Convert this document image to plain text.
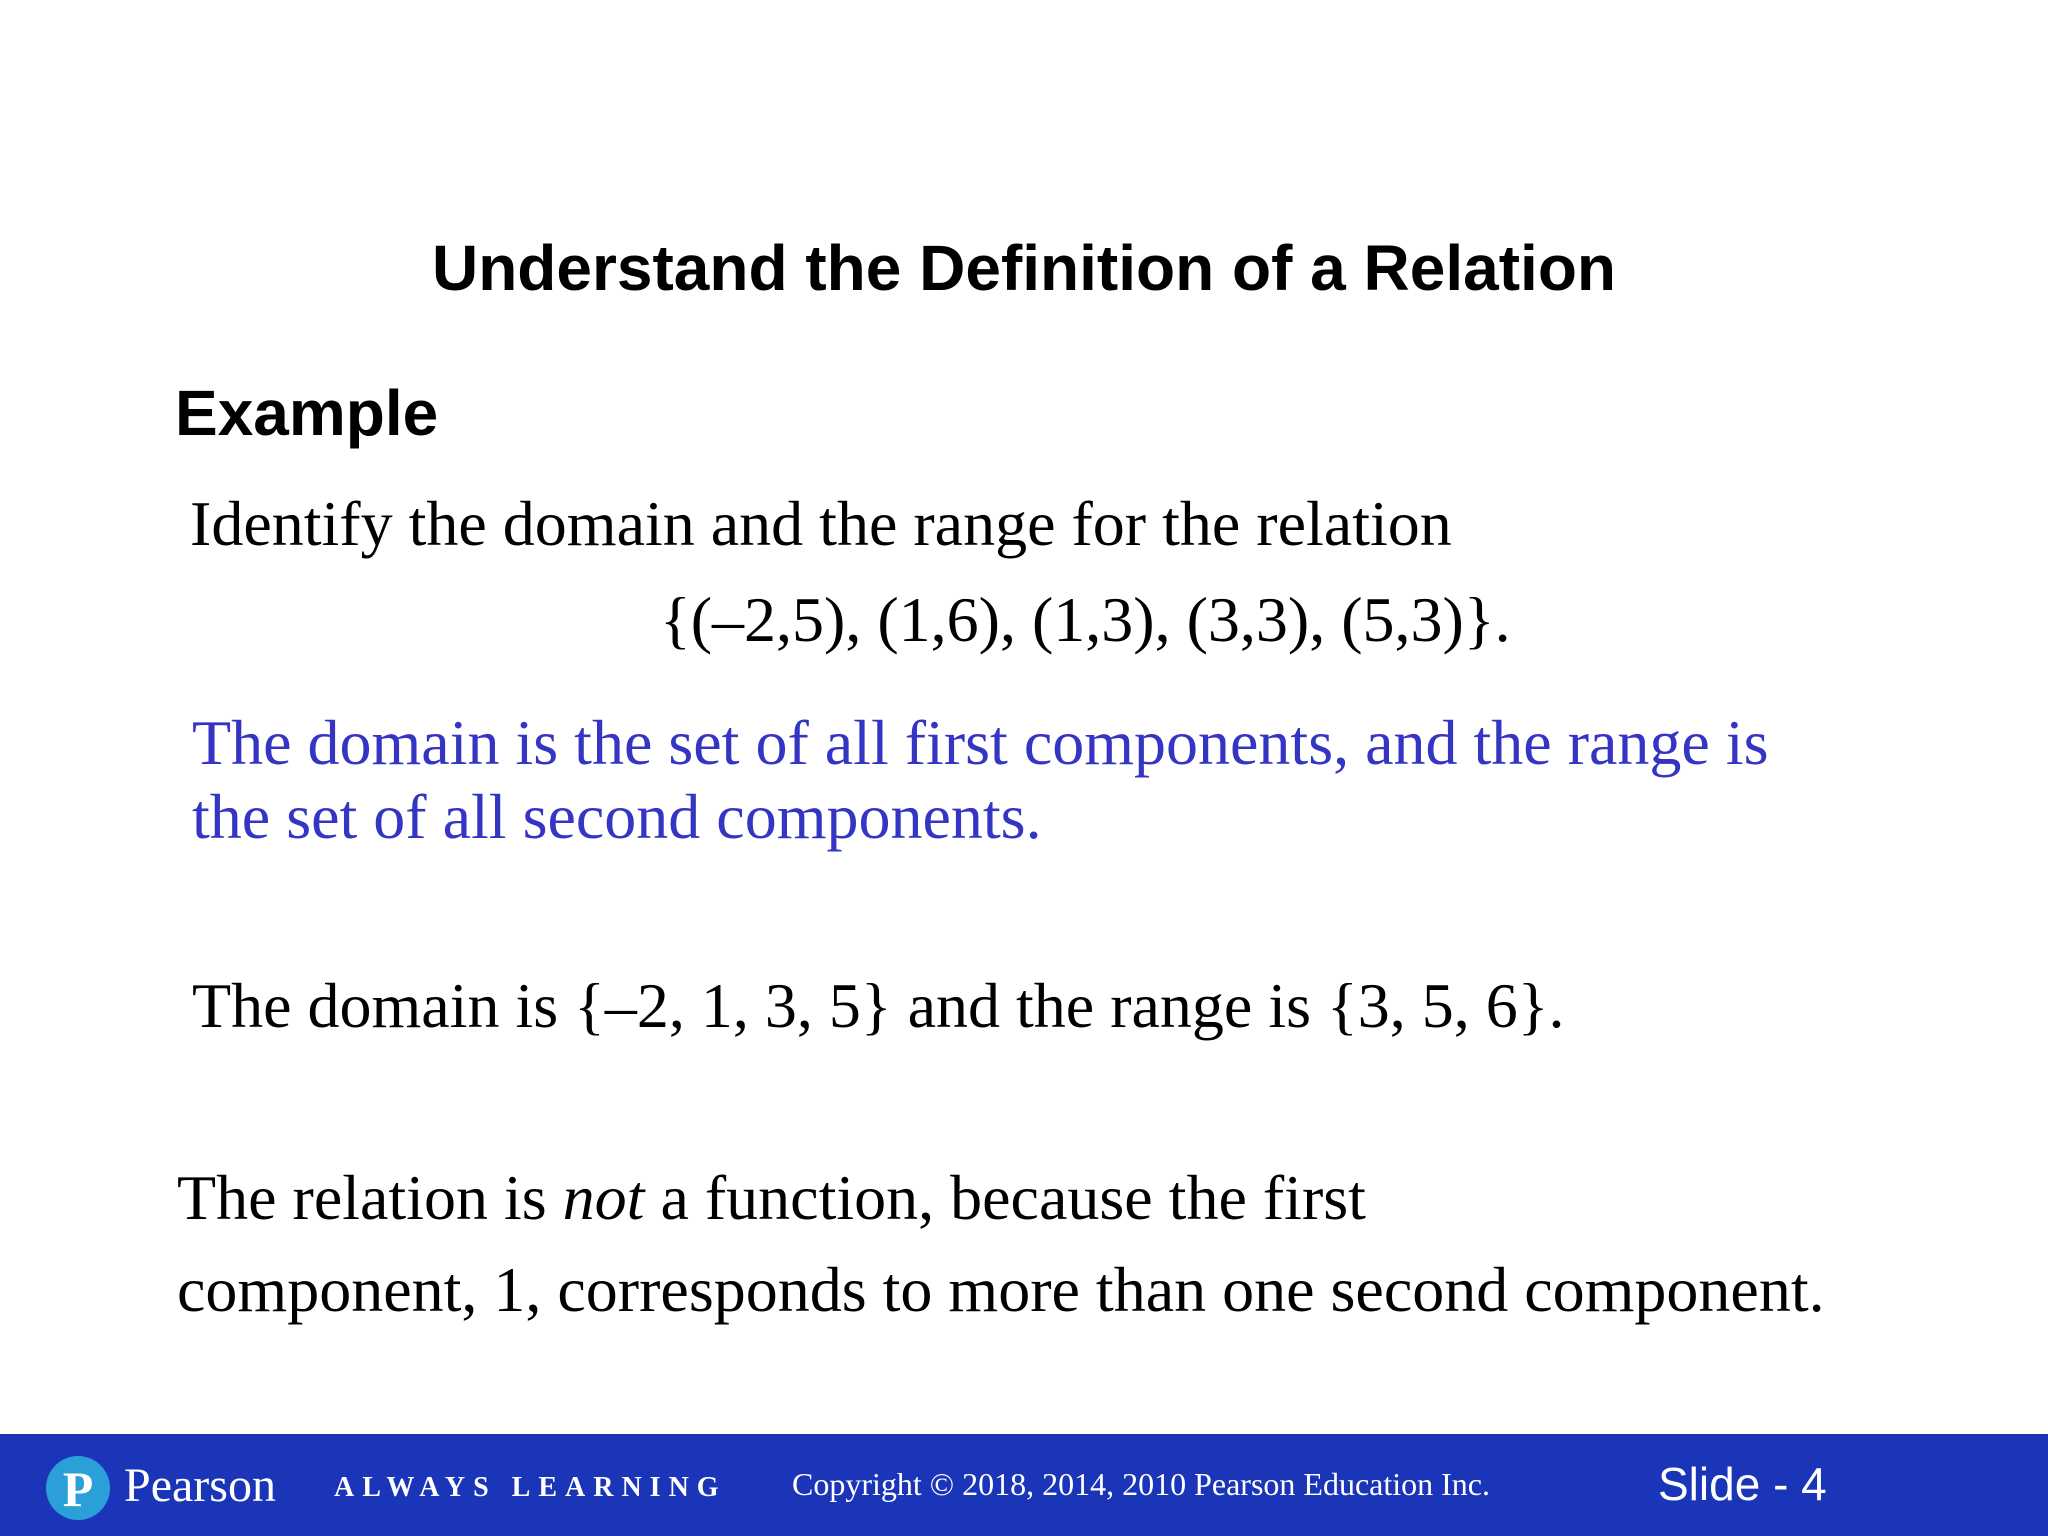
Understand the Definition of a Relation
Example
Identify the domain and the range for the relation
{(–2,5), (1,6), (1,3), (3,3), (5,3)}.
The domain is the set of all first components, and the range is
the set of all second components.
The domain is {–2, 1, 3, 5} and the range is {3, 5, 6}.
The relation is not a function, because the first
component, 1, corresponds to more than one second component.
P Pearson ALWAYS LEARNING Copyright © 2018, 2014, 2010 Pearson Education Inc.	Slide - 4
